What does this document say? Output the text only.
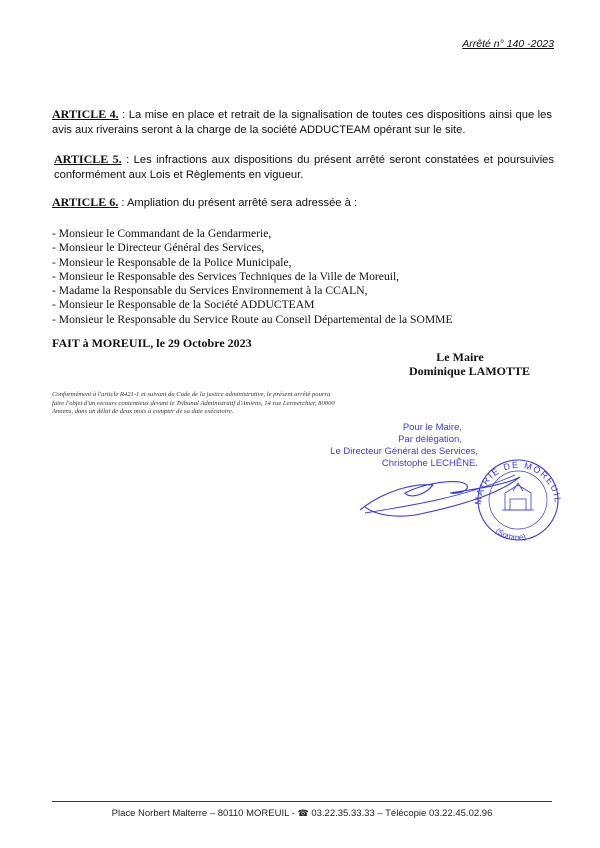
Arrêté n° 140 -2023
ARTICLE 4. : La mise en place et retrait de la signalisation de toutes ces dispositions ainsi que les avis aux riverains seront à la charge de la société ADDUCTEAM opérant sur le site.
ARTICLE 5. : Les infractions aux dispositions du présent arrêté seront constatées et poursuivies conformément aux Lois et Règlements en vigueur.
ARTICLE 6. : Ampliation du présent arrêté sera adressée à :
- Monsieur le Commandant de la Gendarmerie,
- Monsieur le Directeur Général des Services,
- Monsieur le Responsable de la Police Municipale,
- Monsieur le Responsable des Services Techniques de la Ville de Moreuil,
- Madame la Responsable du Services Environnement à la CCALN,
- Monsieur le Responsable de la Société ADDUCTEAM
- Monsieur le Responsable du Service Route au Conseil Départemental de la SOMME
FAIT à MOREUIL, le 29 Octobre 2023
Le Maire
Dominique LAMOTTE
Conformément à l'article R421-1 et suivant du Code de la justice administrative, le présent arrêté pourra faire l'objet d'un recours contentieux devant le Tribunal Administratif d'Amiens, 14 rue Lermerchier, 80000 Amiens, dans un délai de deux mois à compter de sa date exécutoire.
Pour le Maire,
Par délégation,
Le Directeur Général des Services,
Christophe LECHÊNE.
MAIRIE DE MOREUIL
(Somme)
Place Norbert Malterre – 80110 MOREUIL - ☎ 03.22.35.33.33 – Télécopie 03.22.45.02.96
